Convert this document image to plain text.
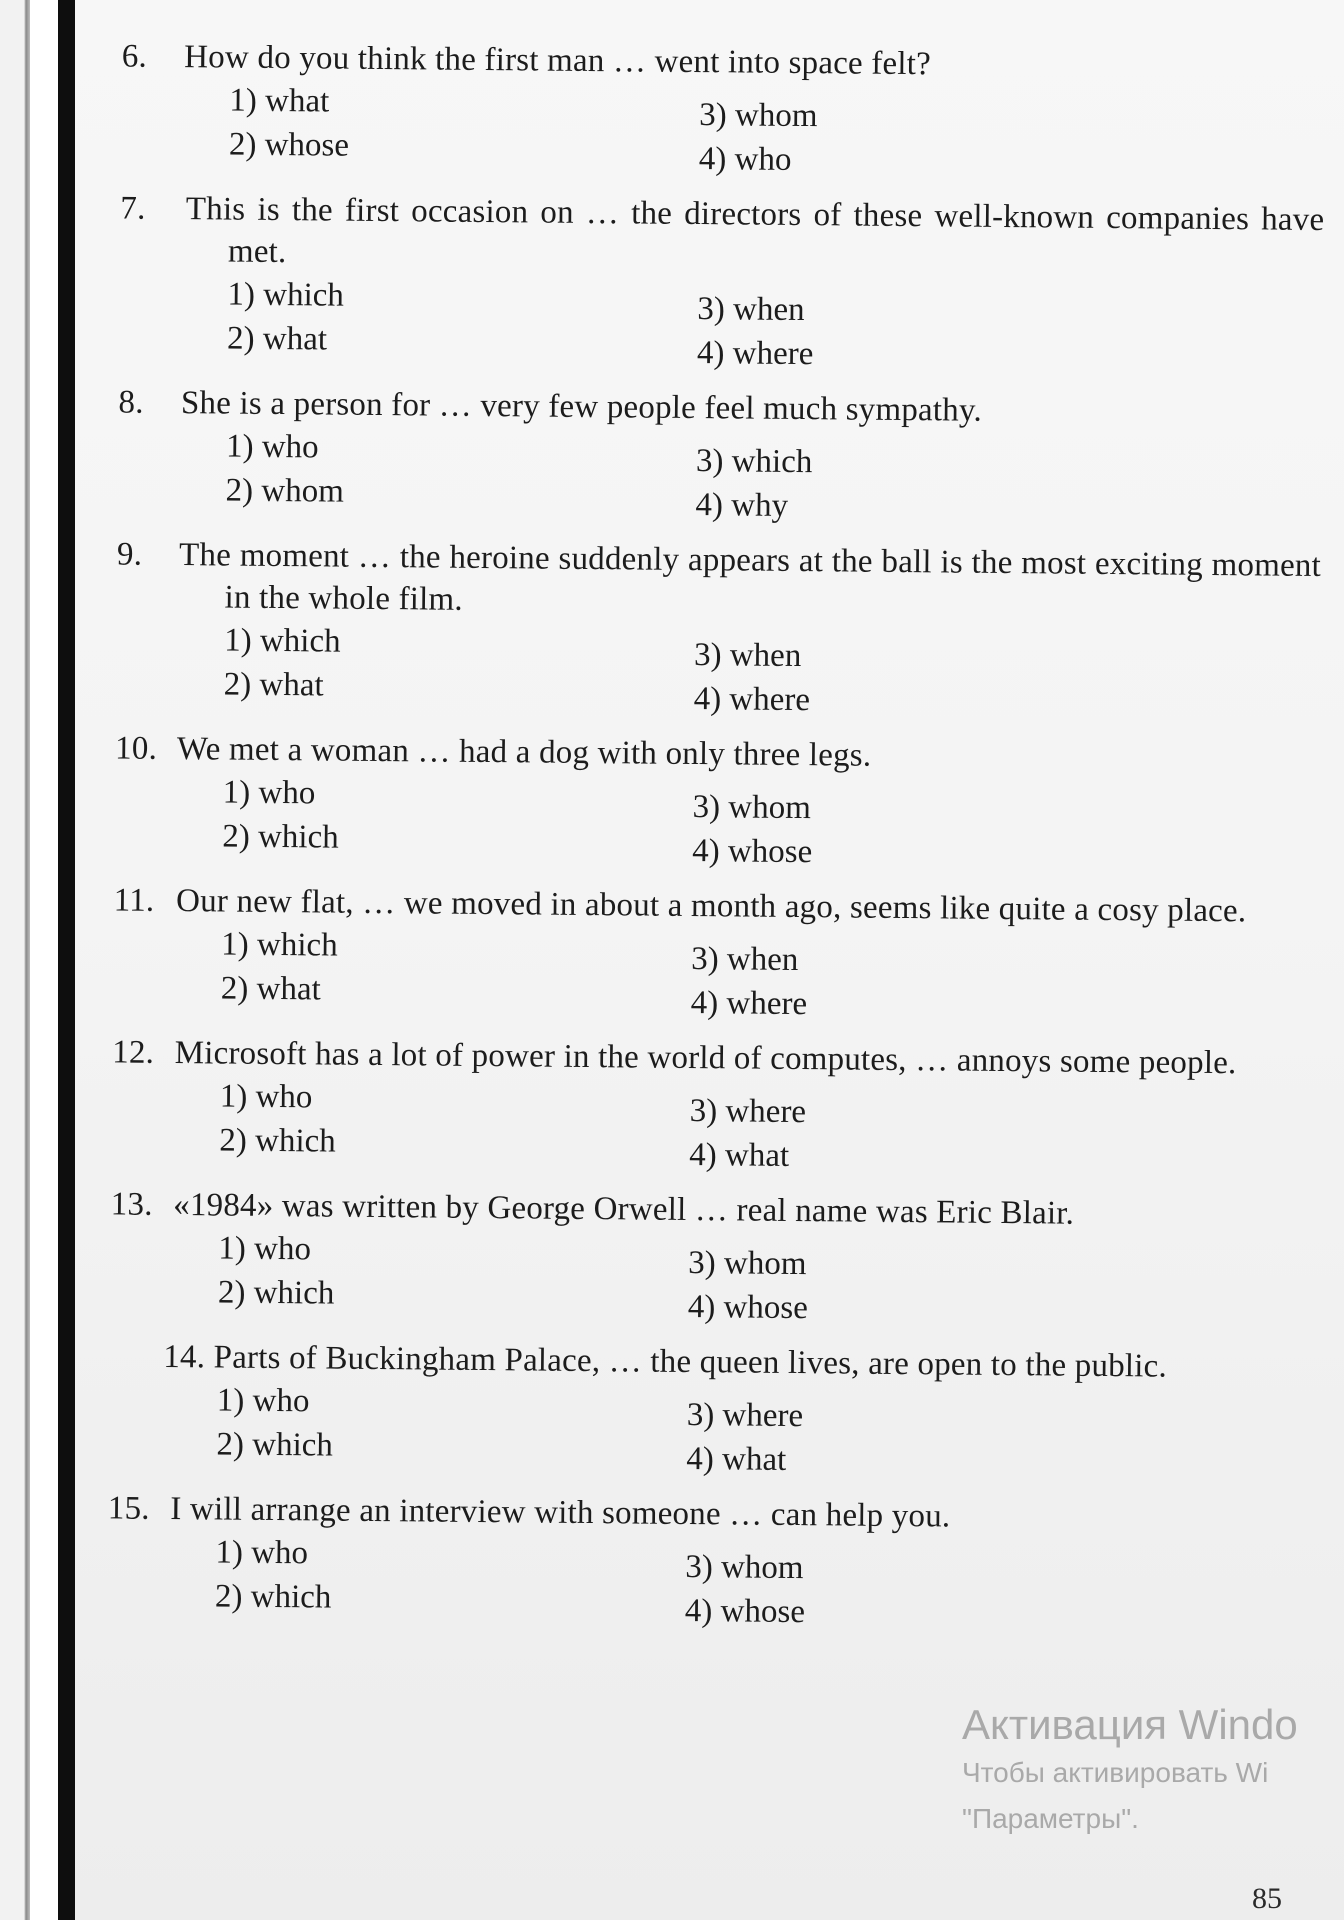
How do you think the first man … went into space felt?

1) what	3) whom

2) whose	4) who

This is the first occasion on … the directors of these well-known companies have met.

1) which	3) when

2) what	4) where

She is a person for … very few people feel much sympathy.

1) who	3) which

2) whom	4) why

The moment … the heroine suddenly appears at the ball is the most exciting moment in the whole film.

1) which	3) when

2) what	4) where

We met a woman … had a dog with only three legs.

1) who	3) whom

2) which	4) whose

Our new flat, … we moved in about a month ago, seems like quite a cosy place.

1) which	3) when

2) what	4) where

Microsoft has a lot of power in the world of computes, … annoys some people.

1) who	3) where

2) which	4) what

«1984» was written by George Orwell … real name was Eric Blair.

1) who	3) whom

2) which	4) whose

14. Parts of Buckingham Palace, … the queen lives, are open to the public.

1) who	3) where

2) which	4) what

I will arrange an interview with someone … can help you.

1) who	3) whom

2) which	4) whose

Активация Windo
Чтобы активировать Wi
"Параметры".
85
